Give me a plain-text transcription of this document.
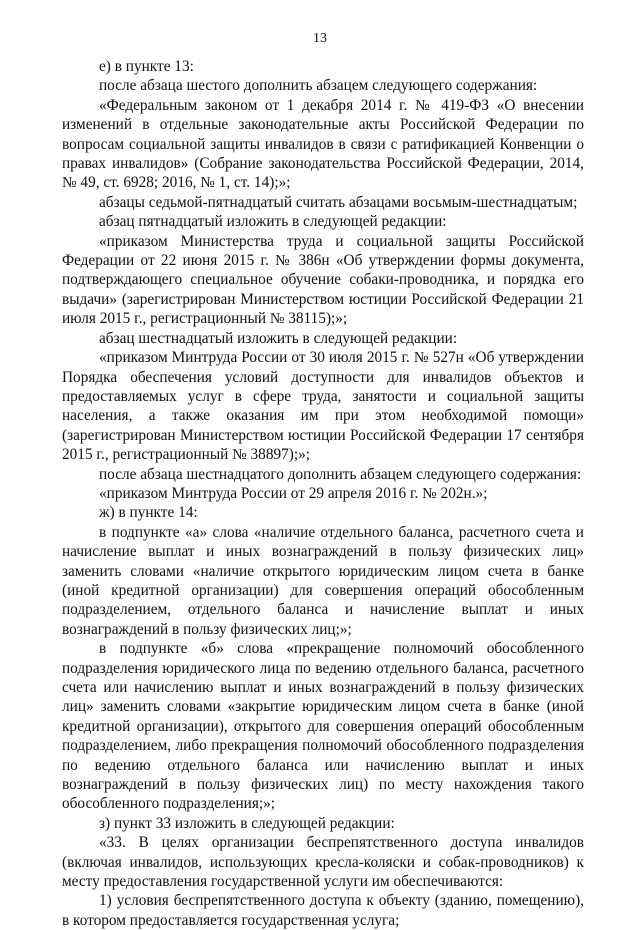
13

е) в пункте 13:

после абзаца шестого дополнить абзацем следующего содержания:

«Федеральным законом от 1 декабря 2014 г. № 419-ФЗ «О внесении изменений в отдельные законодательные акты Российской Федерации по вопросам социальной защиты инвалидов в связи с ратификацией Конвенции о правах инвалидов» (Собрание законодательства Российской Федерации, 2014, № 49, ст. 6928; 2016, № 1, ст. 14);»;

абзацы седьмой-пятнадцатый считать абзацами восьмым-шестнадцатым;

абзац пятнадцатый изложить в следующей редакции:

«приказом Министерства труда и социальной защиты Российской Федерации от 22 июня 2015 г. № 386н «Об утверждении формы документа, подтверждающего специальное обучение собаки-проводника, и порядка его выдачи» (зарегистрирован Министерством юстиции Российской Федерации 21 июля 2015 г., регистрационный № 38115);»;

абзац шестнадцатый изложить в следующей редакции:

«приказом Минтруда России от 30 июля 2015 г. № 527н «Об утверждении Порядка обеспечения условий доступности для инвалидов объектов и предоставляемых услуг в сфере труда, занятости и социальной защиты населения, а также оказания им при этом необходимой помощи» (зарегистрирован Министерством юстиции Российской Федерации 17 сентября 2015 г., регистрационный № 38897);»;

после абзаца шестнадцатого дополнить абзацем следующего содержания:

«приказом Минтруда России от 29 апреля 2016 г. № 202н.»;

ж) в пункте 14:

в подпункте «а» слова «наличие отдельного баланса, расчетного счета и начисление выплат и иных вознаграждений в пользу физических лиц» заменить словами «наличие открытого юридическим лицом счета в банке (иной кредитной организации) для совершения операций обособленным подразделением, отдельного баланса и начисление выплат и иных вознаграждений в пользу физических лиц;»;

в подпункте «б» слова «прекращение полномочий обособленного подразделения юридического лица по ведению отдельного баланса, расчетного счета или начислению выплат и иных вознаграждений в пользу физических лиц» заменить словами «закрытие юридическим лицом счета в банке (иной кредитной организации), открытого для совершения операций обособленным подразделением, либо прекращения полномочий обособленного подразделения по ведению отдельного баланса или начислению выплат и иных вознаграждений в пользу физических лиц) по месту нахождения такого обособленного подразделения;»;

з) пункт 33 изложить в следующей редакции:

«33. В целях организации беспрепятственного доступа инвалидов (включая инвалидов, использующих кресла-коляски и собак-проводников) к месту предоставления государственной услуги им обеспечиваются:

1) условия беспрепятственного доступа к объекту (зданию, помещению), в котором предоставляется государственная услуга;
